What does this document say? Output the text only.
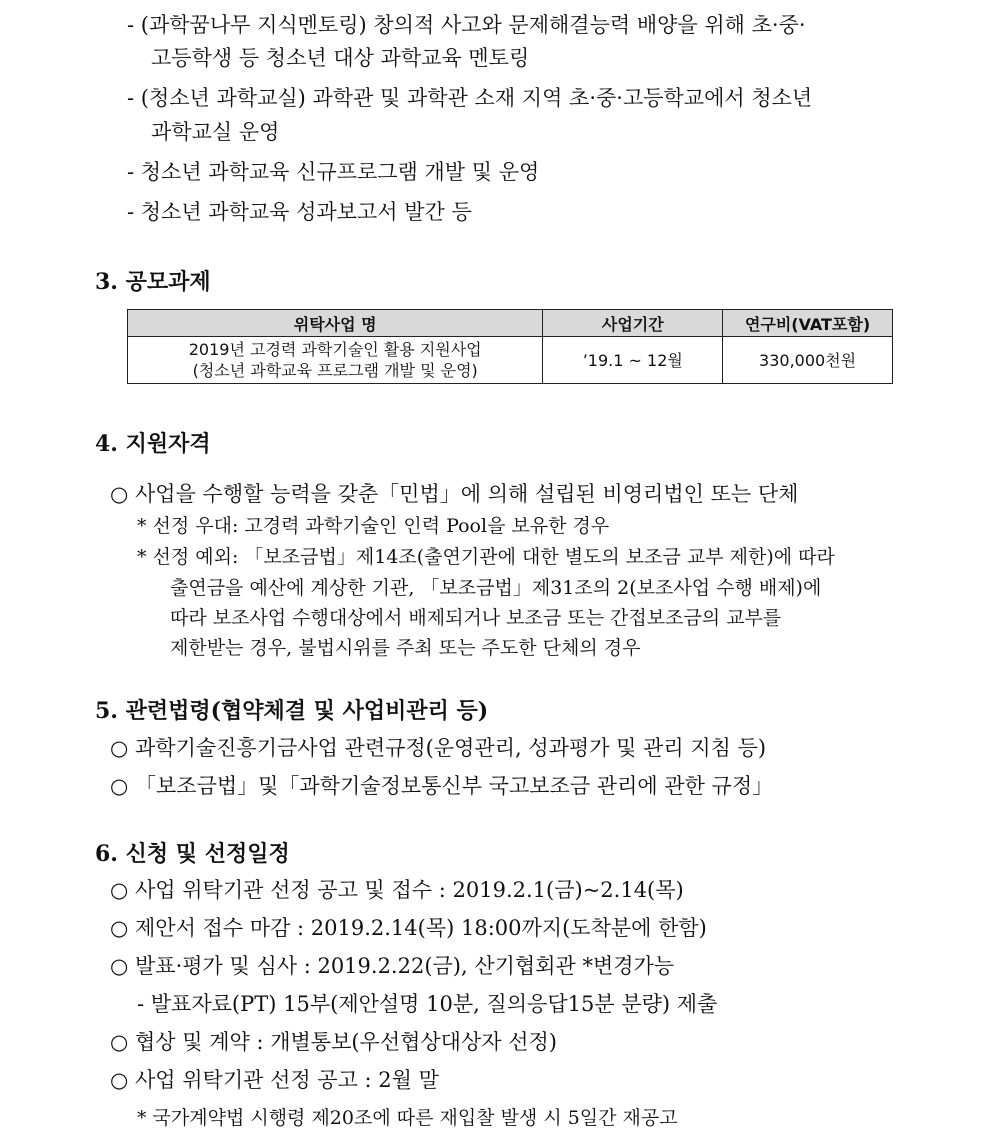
- (과학꿈나무 지식멘토링) 창의적 사고와 문제해결능력 배양을 위해 초·중·
고등학생 등 청소년 대상 과학교육 멘토링
- (청소년 과학교실) 과학관 및 과학관 소재 지역 초·중·고등학교에서 청소년
과학교실 운영
- 청소년 과학교육 신규프로그램 개발 및 운영
- 청소년 과학교육 성과보고서 발간 등
3. 공모과제
위탁사업 명	사업기간	연구비(VAT포함)

2019년 고경력 과학기술인 활용 지원사업
(청소년 과학교육 프로그램 개발 및 운영)	’19.1 ~ 12월	330,000천원
4. 지원자격
○ 사업을 수행할 능력을 갖춘「민법」에 의해 설립된 비영리법인 또는 단체
* 선정 우대: 고경력 과학기술인 인력 Pool을 보유한 경우
* 선정 예외: 「보조금법」제14조(출연기관에 대한 별도의 보조금 교부 제한)에 따라
출연금을 예산에 계상한 기관, 「보조금법」제31조의 2(보조사업 수행 배제)에
따라 보조사업 수행대상에서 배제되거나 보조금 또는 간접보조금의 교부를
제한받는 경우, 불법시위를 주최 또는 주도한 단체의 경우
5. 관련법령(협약체결 및 사업비관리 등)
○ 과학기술진흥기금사업 관련규정(운영관리, 성과평가 및 관리 지침 등)
○ 「보조금법」및「과학기술정보통신부 국고보조금 관리에 관한 규정」
6. 신청 및 선정일정
○ 사업 위탁기관 선정 공고 및 접수 : 2019.2.1(금)~2.14(목)
○ 제안서 접수 마감 : 2019.2.14(목) 18:00까지(도착분에 한함)
○ 발표·평가 및 심사 : 2019.2.22(금), 산기협회관 *변경가능
- 발표자료(PT) 15부(제안설명 10분, 질의응답15분 분량) 제출
○ 협상 및 계약 : 개별통보(우선협상대상자 선정)
○ 사업 위탁기관 선정 공고 : 2월 말
* 국가계약법 시행령 제20조에 따른 재입찰 발생 시 5일간 재공고
